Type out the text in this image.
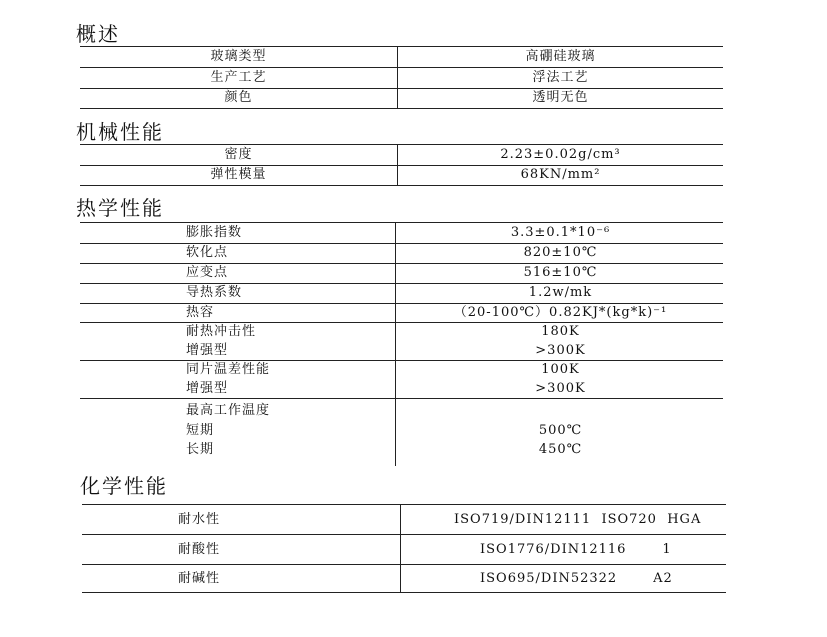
概述
机械性能
热学性能
化学性能
玻璃类型	高硼硅玻璃
生产工艺	浮法工艺
颜色	透明无色
密度	2.23±0.02g/cm³
弹性模量	68KN/mm²
膨胀指数	3.3±0.1*10⁻⁶
软化点	820±10℃
应变点	516±10℃
导热系数	1.2w/mk
热容	（20-100℃）0.82KJ*(kg*k)⁻¹
耐热冲击性	180K
增强型	>300K
同片温差性能	100K
增强型	>300K
最高工作温度
短期	500℃
长期	450℃
耐水性	ISO719/DIN12111  ISO720  HGA
耐酸性	ISO1776/DIN12116       1
耐碱性	ISO695/DIN52322       A2
